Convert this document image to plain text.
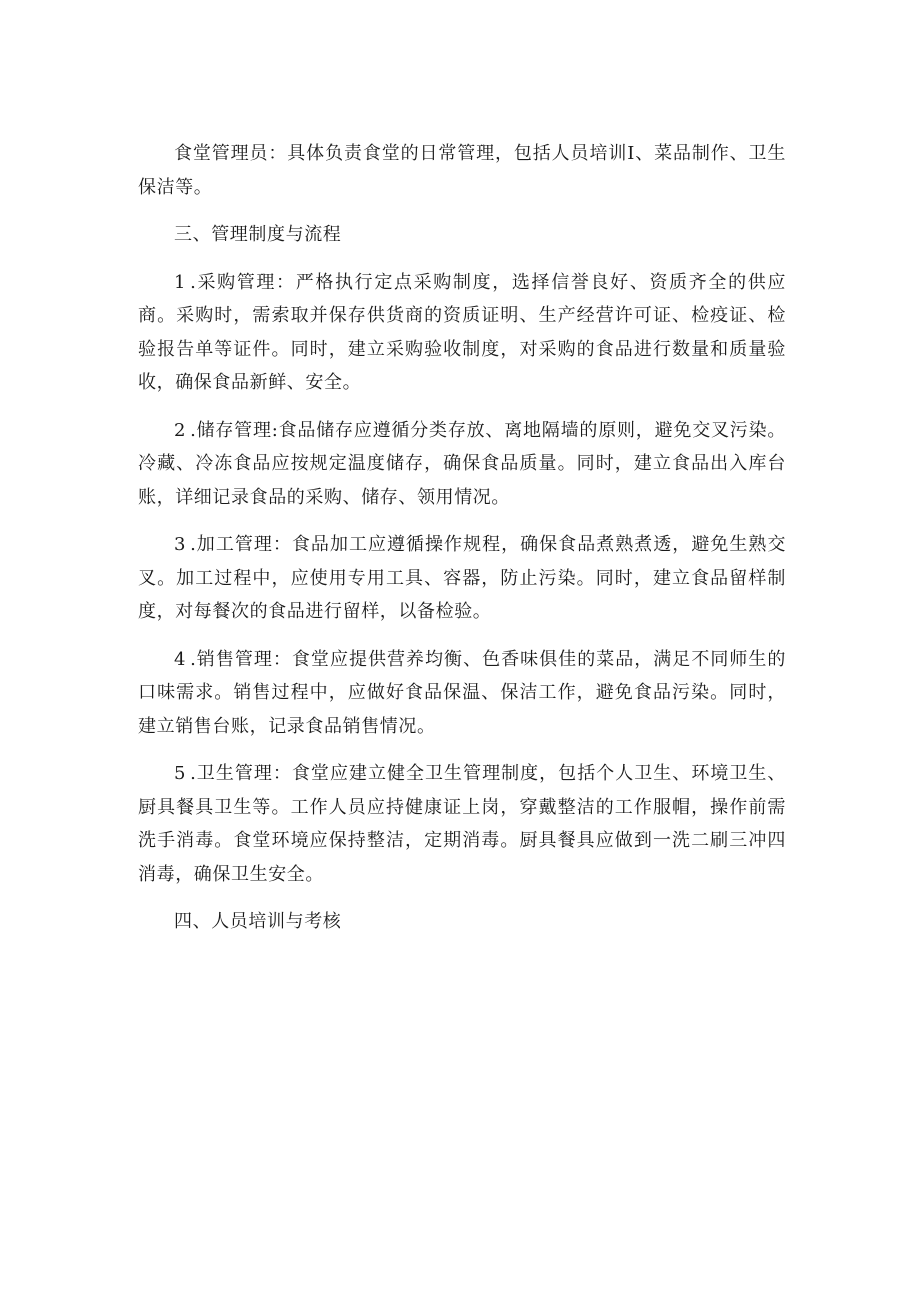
食堂管理员：具体负责食堂的日常管理，包括人员培训I、菜品制作、卫生保洁等。

三、管理制度与流程

1 .采购管理：严格执行定点采购制度，选择信誉良好、资质齐全的供应商。采购时，需索取并保存供货商的资质证明、生产经营许可证、检疫证、检验报告单等证件。同时，建立采购验收制度，对采购的食品进行数量和质量验收，确保食品新鲜、安全。

2 .储存管理:食品储存应遵循分类存放、离地隔墙的原则，避免交叉污染。冷藏、冷冻食品应按规定温度储存，确保食品质量。同时，建立食品出入库台账，详细记录食品的采购、储存、领用情况。

3 .加工管理：食品加工应遵循操作规程，确保食品煮熟煮透，避免生熟交叉。加工过程中，应使用专用工具、容器，防止污染。同时，建立食品留样制度，对每餐次的食品进行留样，以备检验。

4 .销售管理：食堂应提供营养均衡、色香味俱佳的菜品，满足不同师生的口味需求。销售过程中，应做好食品保温、保洁工作，避免食品污染。同时，建立销售台账，记录食品销售情况。

5 .卫生管理：食堂应建立健全卫生管理制度，包括个人卫生、环境卫生、厨具餐具卫生等。工作人员应持健康证上岗，穿戴整洁的工作服帽，操作前需洗手消毒。食堂环境应保持整洁，定期消毒。厨具餐具应做到一洗二刷三冲四消毒，确保卫生安全。

四、人员培训与考核
